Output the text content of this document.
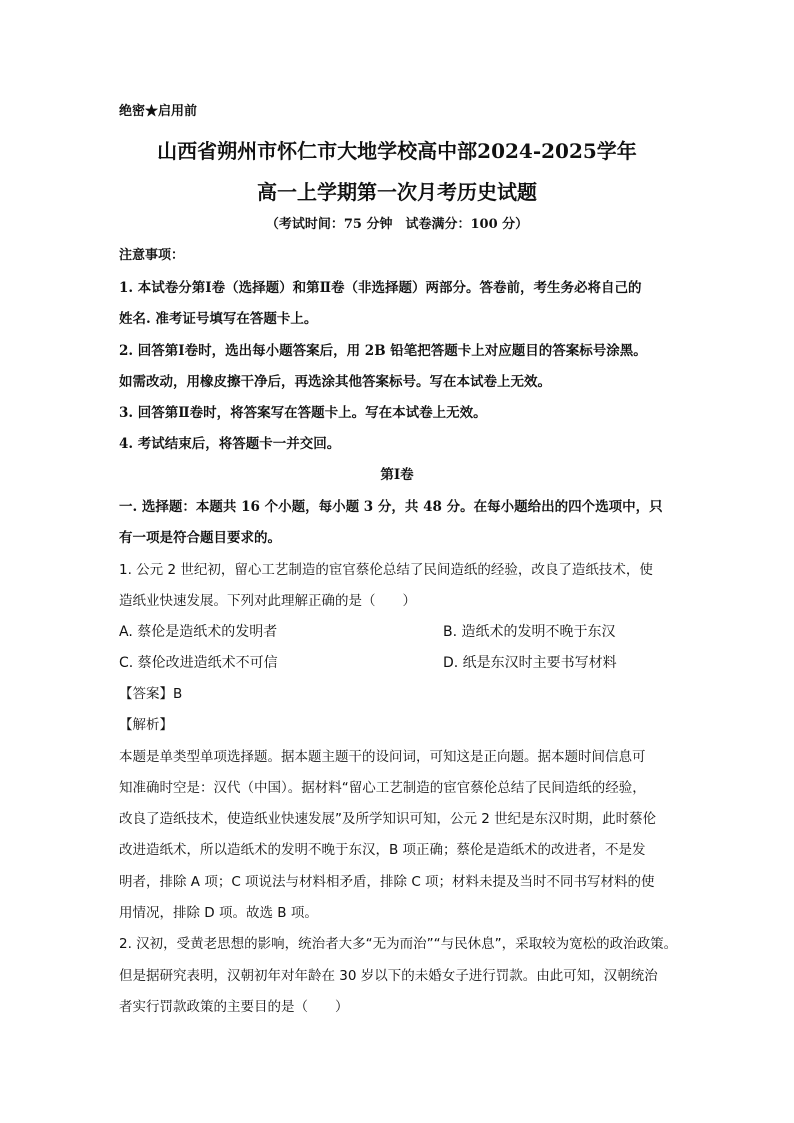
绝密★启用前
山西省朔州市怀仁市大地学校高中部2024-2025学年
高一上学期第一次月考历史试题
（考试时间：75 分钟　试卷满分：100 分）
注意事项：
1. 本试卷分第Ⅰ卷（选择题）和第Ⅱ卷（非选择题）两部分。答卷前，考生务必将自己的
姓名. 准考证号填写在答题卡上。
2. 回答第Ⅰ卷时，选出每小题答案后，用 2B 铅笔把答题卡上对应题目的答案标号涂黑。
如需改动，用橡皮擦干净后，再选涂其他答案标号。写在本试卷上无效。
3. 回答第Ⅱ卷时，将答案写在答题卡上。写在本试卷上无效。
4. 考试结束后，将答题卡一并交回。
第Ⅰ卷
一. 选择题：本题共 16 个小题，每小题 3 分，共 48 分。在每小题给出的四个选项中，只
有一项是符合题目要求的。
1. 公元 2 世纪初，留心工艺制造的宦官蔡伦总结了民间造纸的经验，改良了造纸技术，使
造纸业快速发展。下列对此理解正确的是（　　）
A. 蔡伦是造纸术的发明者	B. 造纸术的发明不晚于东汉
C. 蔡伦改进造纸术不可信	D. 纸是东汉时主要书写材料
【答案】B
【解析】
本题是单类型单项选择题。据本题主题干的设问词，可知这是正向题。据本题时间信息可
知准确时空是：汉代（中国）。据材料“留心工艺制造的宦官蔡伦总结了民间造纸的经验，
改良了造纸技术，使造纸业快速发展”及所学知识可知，公元 2 世纪是东汉时期，此时蔡伦
改进造纸术，所以造纸术的发明不晚于东汉，B 项正确；蔡伦是造纸术的改进者，不是发
明者，排除 A 项；C 项说法与材料相矛盾，排除 C 项；材料未提及当时不同书写材料的使
用情况，排除 D 项。故选 B 项。
2. 汉初，受黄老思想的影响，统治者大多“无为而治”“与民休息”，采取较为宽松的政治政策。
但是据研究表明，汉朝初年对年龄在 30 岁以下的未婚女子进行罚款。由此可知，汉朝统治
者实行罚款政策的主要目的是（　　）
